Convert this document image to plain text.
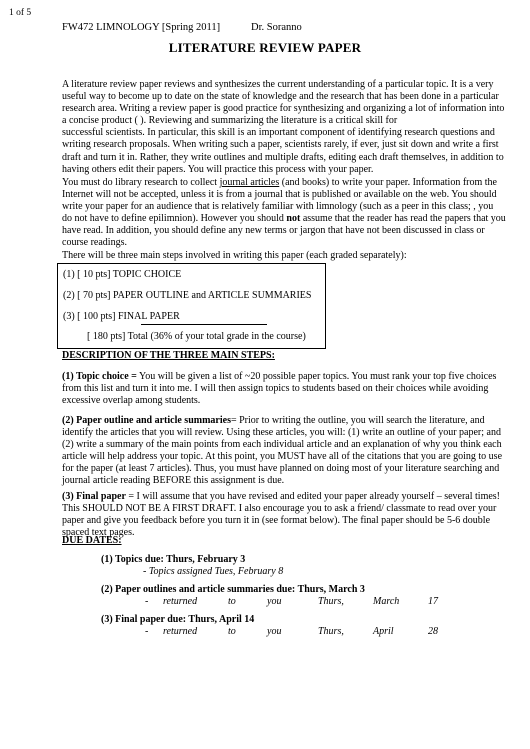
1 of 5
FW472 LIMNOLOGY [Spring 2011]	Dr. Soranno
LITERATURE REVIEW PAPER
A literature review paper reviews and synthesizes the current understanding of a particular topic. It is a very
useful way to become up to date on the state of knowledge and the research that has been done in a particular
research area. Writing a review paper is good practice for synthesizing and organizing a lot of information into
a concise product ( ). Reviewing and summarizing the literature is a critical skill for
successful scientists. In particular, this skill is an important component of identifying research questions and
writing research proposals. When writing such a paper, scientists rarely, if ever, just sit down and write a first
draft and turn it in. Rather, they write outlines and multiple drafts, editing each draft themselves, in addition to
having others edit their papers. You will practice this process with your paper.
You must do library research to collect journal articles (and books) to write your paper. Information from the
Internet will not be accepted, unless it is from a journal that is published or available on the web. You should
write your paper for an audience that is relatively familiar with limnology (such as a peer in this class; , you
do not have to define epilimnion). However you should not assume that the reader has read the papers that you
have read. In addition, you should define any new terms or jargon that have not been discussed in class or
course readings.
There will be three main steps involved in writing this paper (each graded separately):
(1) [ 10 pts] TOPIC CHOICE
(2) [ 70 pts] PAPER OUTLINE and ARTICLE SUMMARIES
(3) [ 100 pts] FINAL PAPER
[ 180 pts] Total (36% of your total grade in the course)
DESCRIPTION OF THE THREE MAIN STEPS:
(1) Topic choice = You will be given a list of ~20 possible paper topics. You must rank your top five choices
from this list and turn it into me. I will then assign topics to students based on their choices while avoiding
excessive overlap among students.
(2) Paper outline and article summaries= Prior to writing the outline, you will search the literature, and
identify the articles that you will review. Using these articles, you will: (1) write an outline of your paper; and
(2) write a summary of the main points from each individual article and an explanation of why you think each
article will help address your topic. At this point, you MUST have all of the citations that you are going to use
for the paper (at least 7 articles). Thus, you must have planned on doing most of your literature searching and
journal article reading BEFORE this assignment is due.
(3) Final paper = I will assume that you have revised and edited your paper already yourself – several times!
This SHOULD NOT BE A FIRST DRAFT. I also encourage you to ask a friend/ classmate to read over your
paper and give you feedback before you turn it in (see format below). The final paper should be 5-6 double
spaced text pages.
DUE DATES:
(1) Topics due: Thurs, February 3
- Topics assigned Tues, February 8
(2) Paper outlines and article summaries due: Thurs, March 3
- returned	to	you	Thurs,	March	17
(3) Final paper due: Thurs, April 14
- returned	to	you	Thurs,	April	28
